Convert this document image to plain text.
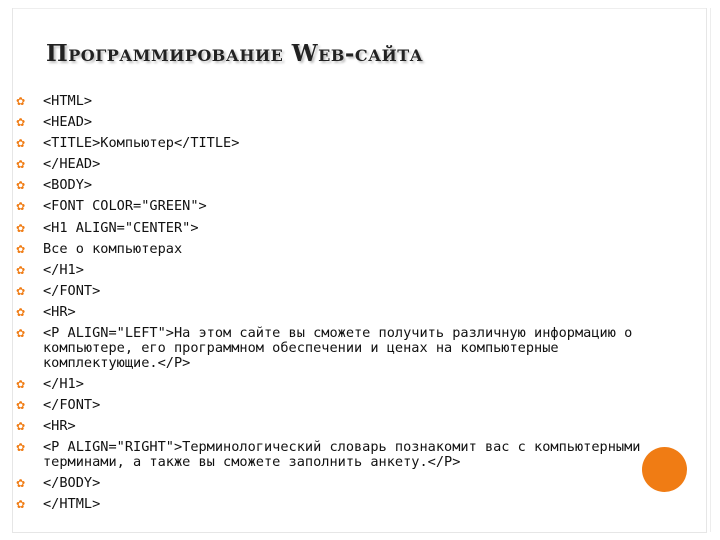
Программирование Web-сайта
✿ <HTML>
✿ <HEAD>
✿ <TITLE>Компьютер</TITLE>
✿ </HEAD>
✿ <BODY>
✿ <FONT COLOR="GREEN">
✿ <H1 ALIGN="CENTER">
✿ Все о компьютерах
✿ </H1>
✿ </FONT>
✿ <HR>
✿ <P ALIGN="LEFT">На этом сайте вы сможете получить различную информацию о компьютере, его программном обеспечении и ценах на компьютерные комплектующие.</P>
✿ </H1>
✿ </FONT>
✿ <HR>
✿ <P ALIGN="RIGHT">Терминологический словарь познакомит вас с компьютерными терминами, а также вы сможете заполнить анкету.</P>
✿ </BODY>
✿ </HTML>
